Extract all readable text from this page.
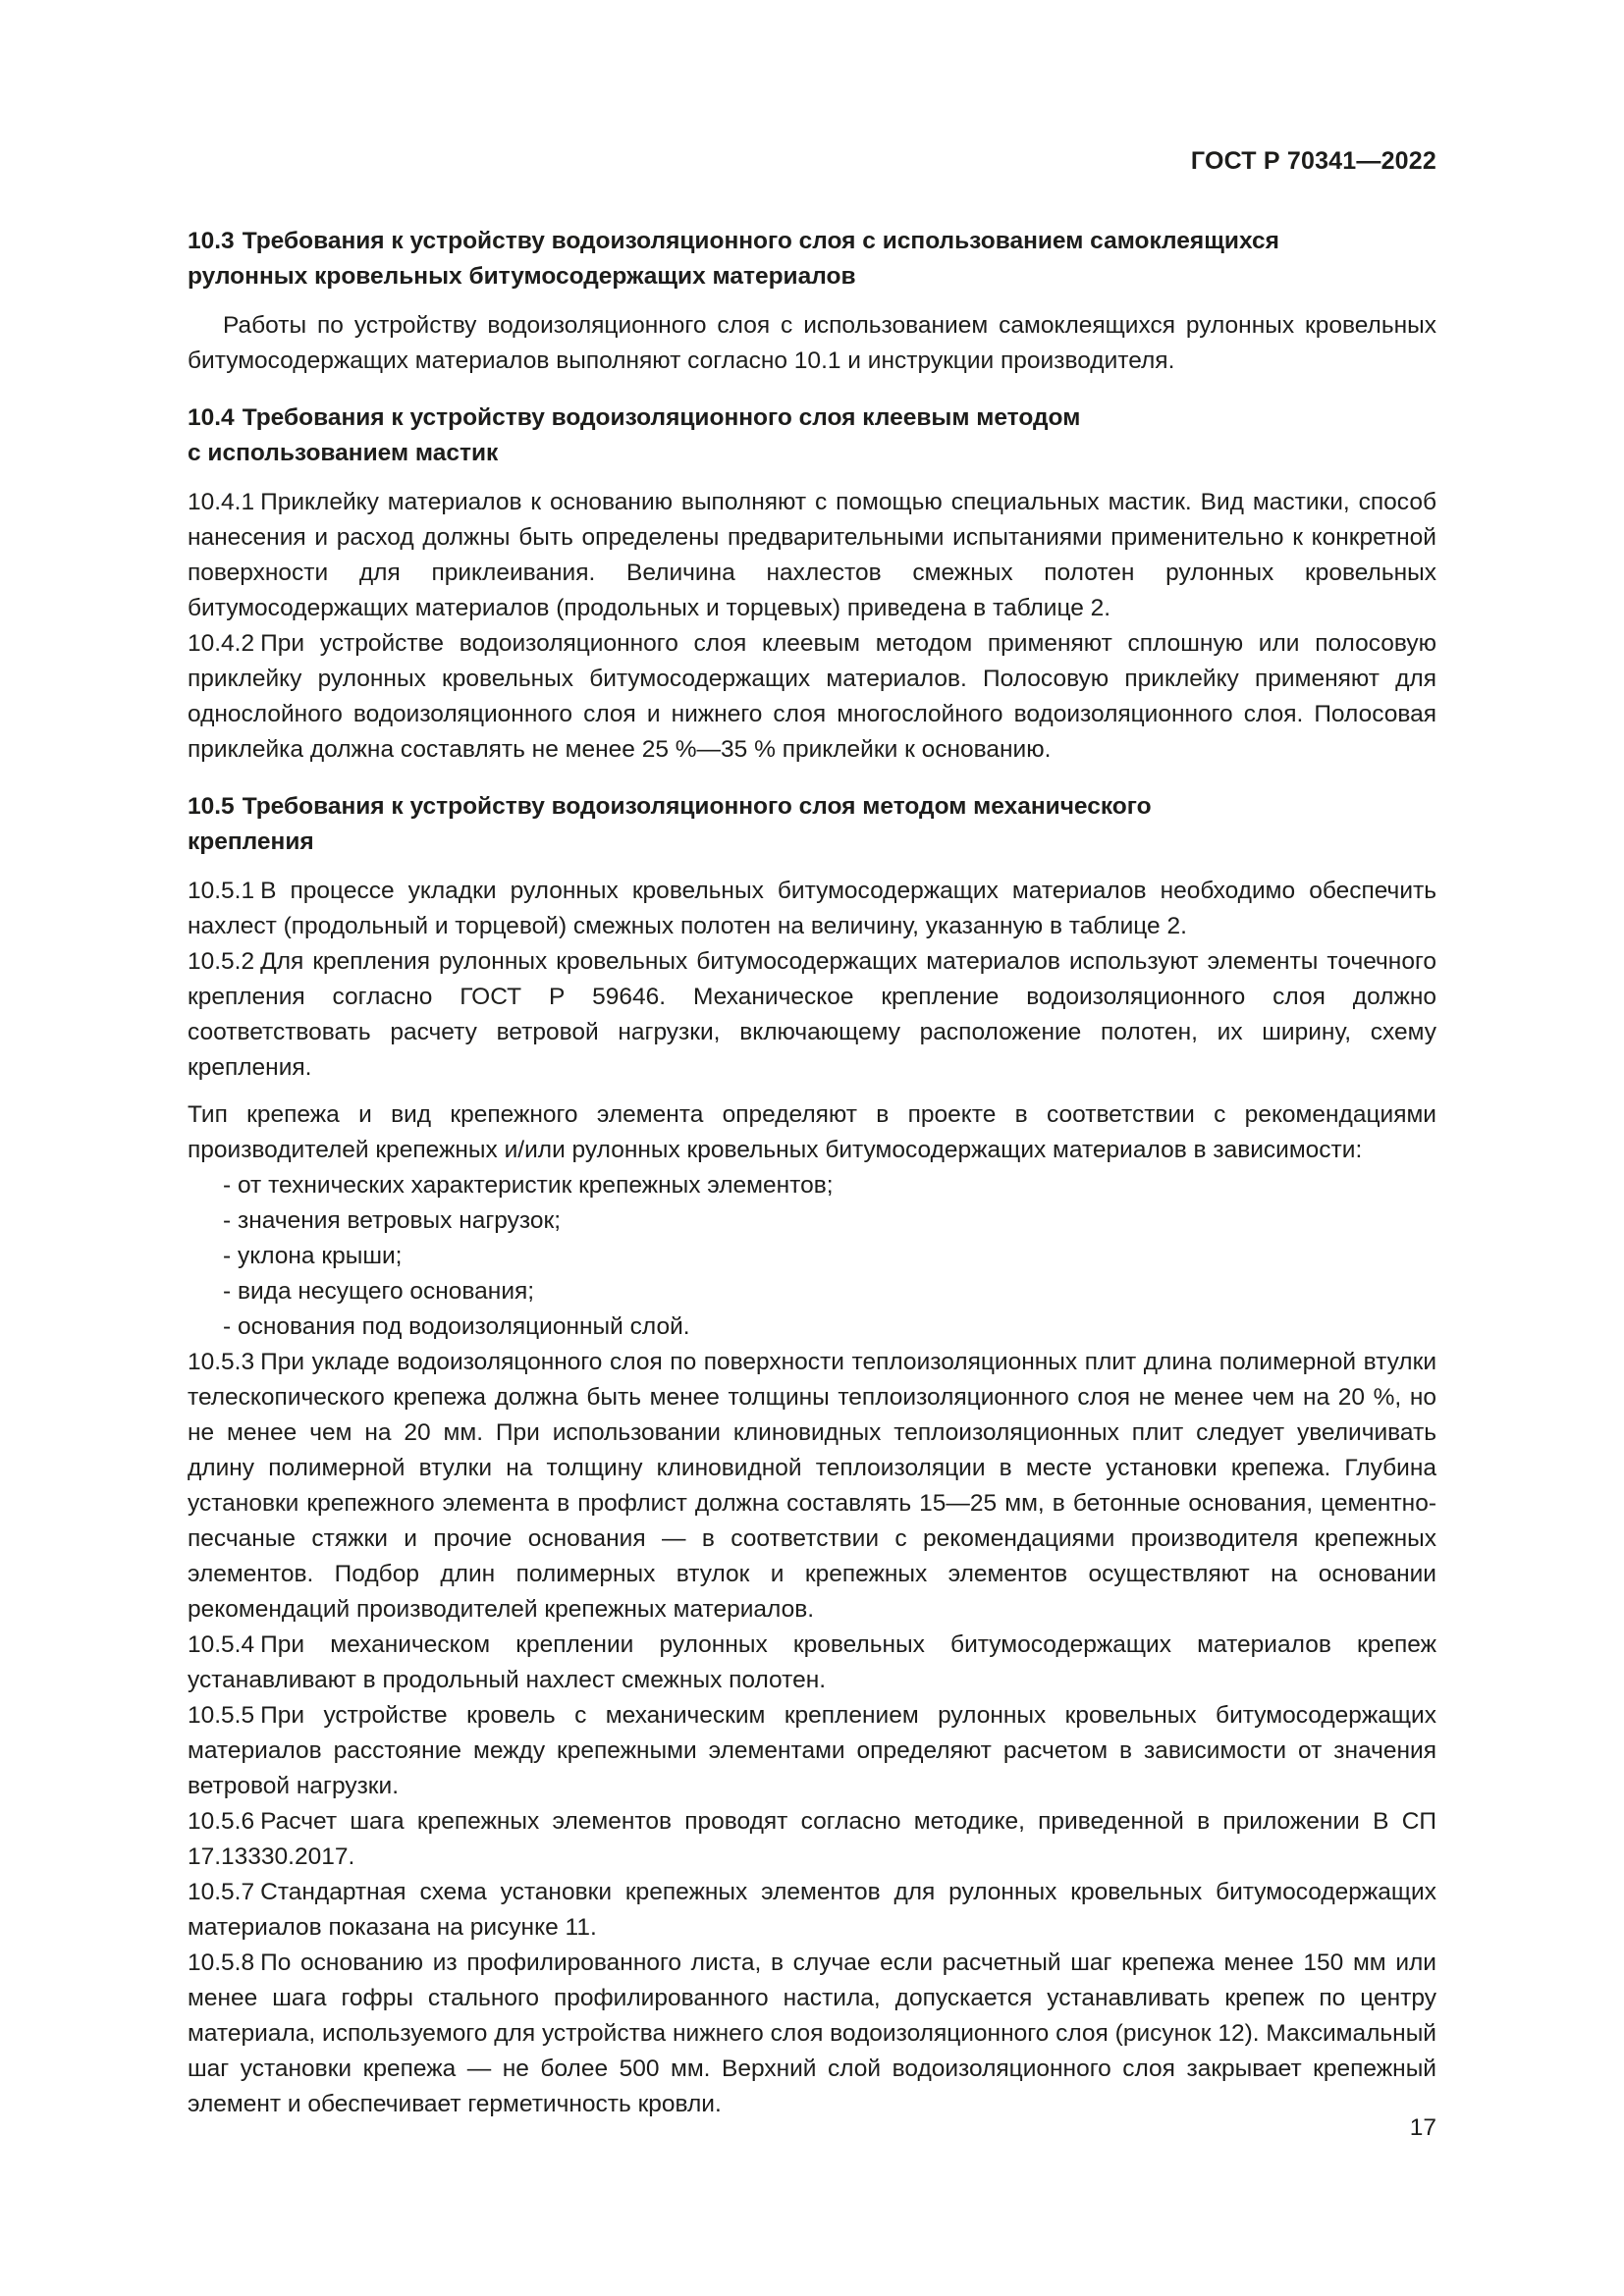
ГОСТ Р 70341—2022
10.3 Требования к устройству водоизоляционного слоя с использованием самоклеящихся
рулонных кровельных битумосодержащих материалов

Работы по устройству водоизоляционного слоя с использованием самоклеящихся рулонных кровельных битумосодержащих материалов выполняют согласно 10.1 и инструкции производителя.

10.4 Требования к устройству водоизоляционного слоя клеевым методом
с использованием мастик

10.4.1 Приклейку материалов к основанию выполняют с помощью специальных мастик. Вид мастики, способ нанесения и расход должны быть определены предварительными испытаниями применительно к конкретной поверхности для приклеивания. Величина нахлестов смежных полотен рулонных кровельных битумосодержащих материалов (продольных и торцевых) приведена в таблице 2.

10.4.2 При устройстве водоизоляционного слоя клеевым методом применяют сплошную или полосовую приклейку рулонных кровельных битумосодержащих материалов. Полосовую приклейку применяют для однослойного водоизоляционного слоя и нижнего слоя многослойного водоизоляционного слоя. Полосовая приклейка должна составлять не менее 25 %—35 % приклейки к основанию.

10.5 Требования к устройству водоизоляционного слоя методом механического
крепления

10.5.1 В процессе укладки рулонных кровельных битумосодержащих материалов необходимо обеспечить нахлест (продольный и торцевой) смежных полотен на величину, указанную в таблице 2.

10.5.2 Для крепления рулонных кровельных битумосодержащих материалов используют элементы точечного крепления согласно ГОСТ Р 59646. Механическое крепление водоизоляционного слоя должно соответствовать расчету ветровой нагрузки, включающему расположение полотен, их ширину, схему крепления.

Тип крепежа и вид крепежного элемента определяют в проекте в соответствии с рекомендациями производителей крепежных и/или рулонных кровельных битумосодержащих материалов в зависимости:

- от технических характеристик крепежных элементов;
- значения ветровых нагрузок;
- уклона крыши;
- вида несущего основания;
- основания под водоизоляционный слой.

10.5.3 При укладе водоизоляцонного слоя по поверхности теплоизоляционных плит длина полимерной втулки телескопического крепежа должна быть менее толщины теплоизоляционного слоя не менее чем на 20 %, но не менее чем на 20 мм. При использовании клиновидных теплоизоляционных плит следует увеличивать длину полимерной втулки на толщину клиновидной теплоизоляции в месте установки крепежа. Глубина установки крепежного элемента в профлист должна составлять 15—25 мм, в бетонные основания, цементно-песчаные стяжки и прочие основания — в соответствии с рекомендациями производителя крепежных элементов. Подбор длин полимерных втулок и крепежных элементов осуществляют на основании рекомендаций производителей крепежных материалов.

10.5.4 При механическом креплении рулонных кровельных битумосодержащих материалов крепеж устанавливают в продольный нахлест смежных полотен.

10.5.5 При устройстве кровель с механическим креплением рулонных кровельных битумосодержащих материалов расстояние между крепежными элементами определяют расчетом в зависимости от значения ветровой нагрузки.

10.5.6 Расчет шага крепежных элементов проводят согласно методике, приведенной в приложении В СП 17.13330.2017.

10.5.7 Стандартная схема установки крепежных элементов для рулонных кровельных битумосодержащих материалов показана на рисунке 11.

10.5.8 По основанию из профилированного листа, в случае если расчетный шаг крепежа менее 150 мм или менее шага гофры стального профилированного настила, допускается устанавливать крепеж по центру материала, используемого для устройства нижнего слоя водоизоляционного слоя (рисунок 12). Максимальный шаг установки крепежа — не более 500 мм. Верхний слой водоизоляционного слоя закрывает крепежный элемент и обеспечивает герметичность кровли.

17
